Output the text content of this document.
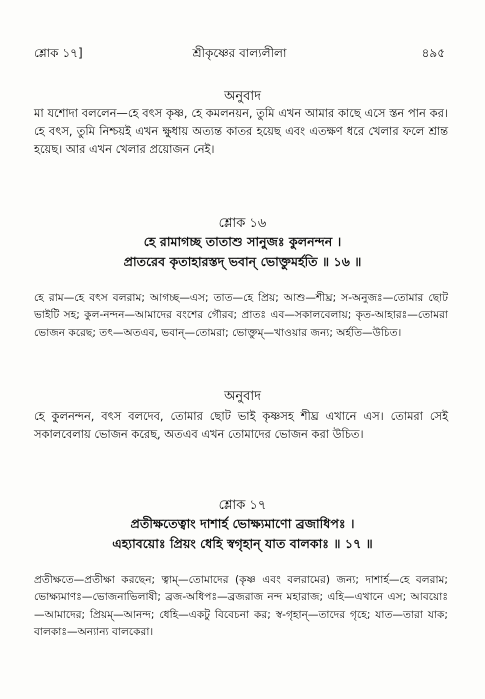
শ্লোক ১৭]	শ্রীকৃষ্ণের বাল্যলীলা	৪৯৫
অনুবাদ
মা যশোদা বললেন—হে বৎস কৃষ্ণ, হে কমলনয়ন, তুমি এখন আমার কাছে এসে স্তন পান কর। হে বৎস, তুমি নিশ্চয়ই এখন ক্ষুধায় অত্যন্ত কাতর হয়েছ এবং এতক্ষণ ধরে খেলার ফলে শ্রান্ত হয়েছ। আর এখন খেলার প্রয়োজন নেই।
শ্লোক ১৬
হে রামাগচ্ছ তাতাশু সানুজঃ কুলনন্দন ।
প্রাতরেব কৃতাহারস্তদ্ ভবান্ ভোক্তুমর্হতি ॥ ১৬ ॥
হে রাম—হে বৎস বলরাম; আগচ্ছ—এস; তাত—হে প্রিয়; আশু—শীঘ্র; স-অনুজঃ—তোমার ছোট ভাইটি সহ; কুল-নন্দন—আমাদের বংশের গৌরব; প্রাতঃ এব—সকালবেলায়; কৃত-আহারঃ—তোমরা ভোজন করেছ; তৎ—অতএব, ভবান্—তোমরা; ভোক্তুম্—খাওয়ার জন্য; অর্হতি—উচিত।
অনুবাদ
হে কুলনন্দন, বৎস বলদেব, তোমার ছোট ভাই কৃষ্ণসহ শীঘ্র এখানে এস। তোমরা সেই সকালবেলায় ভোজন করেছ, অতএব এখন তোমাদের ভোজন করা উচিত।
শ্লোক ১৭
প্রতীক্ষতেত্বাং দাশার্হ ভোক্ষ্যমাণো ব্রজাধিপঃ ।
এহ্যাবয়োঃ প্রিয়ং ধেহি স্বগৃহান্ যাত বালকাঃ ॥ ১৭ ॥
প্রতীক্ষতে—প্রতীক্ষা করছেন; ত্বাম্—তোমাদের (কৃষ্ণ এবং বলরামের) জন্য; দাশার্হ—হে বলরাম; ভোক্ষ্যমাণঃ—ভোজনাভিলাষী; ব্রজ-অধিপঃ—ব্রজরাজ নন্দ মহারাজ; এহি—এখানে এস; আবয়োঃ—আমাদের; প্রিয়ম্—আনন্দ; ধেহি—একটু বিবেচনা কর; স্ব-গৃহান্—তাদের গৃহে; যাত—তারা যাক; বালকাঃ—অন্যান্য বালকেরা।
